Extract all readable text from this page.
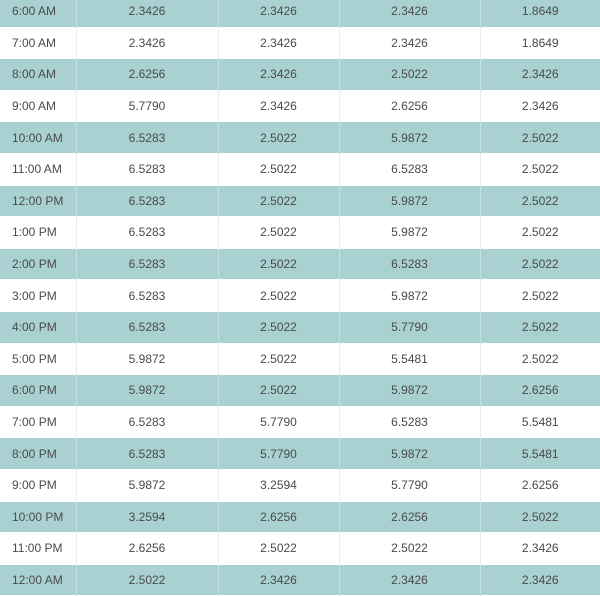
6:00 AM	2.3426	2.3426	2.3426	1.8649
7:00 AM	2.3426	2.3426	2.3426	1.8649
8:00 AM	2.6256	2.3426	2.5022	2.3426
9:00 AM	5.7790	2.3426	2.6256	2.3426
10:00 AM	6.5283	2.5022	5.9872	2.5022
11:00 AM	6.5283	2.5022	6.5283	2.5022
12:00 PM	6.5283	2.5022	5.9872	2.5022
1:00 PM	6.5283	2.5022	5.9872	2.5022
2:00 PM	6.5283	2.5022	6.5283	2.5022
3:00 PM	6.5283	2.5022	5.9872	2.5022
4:00 PM	6.5283	2.5022	5.7790	2.5022
5:00 PM	5.9872	2.5022	5.5481	2.5022
6:00 PM	5.9872	2.5022	5.9872	2.6256
7:00 PM	6.5283	5.7790	6.5283	5.5481
8:00 PM	6.5283	5.7790	5.9872	5.5481
9:00 PM	5.9872	3.2594	5.7790	2.6256
10:00 PM	3.2594	2.6256	2.6256	2.5022
11:00 PM	2.6256	2.5022	2.5022	2.3426
12:00 AM	2.5022	2.3426	2.3426	2.3426
